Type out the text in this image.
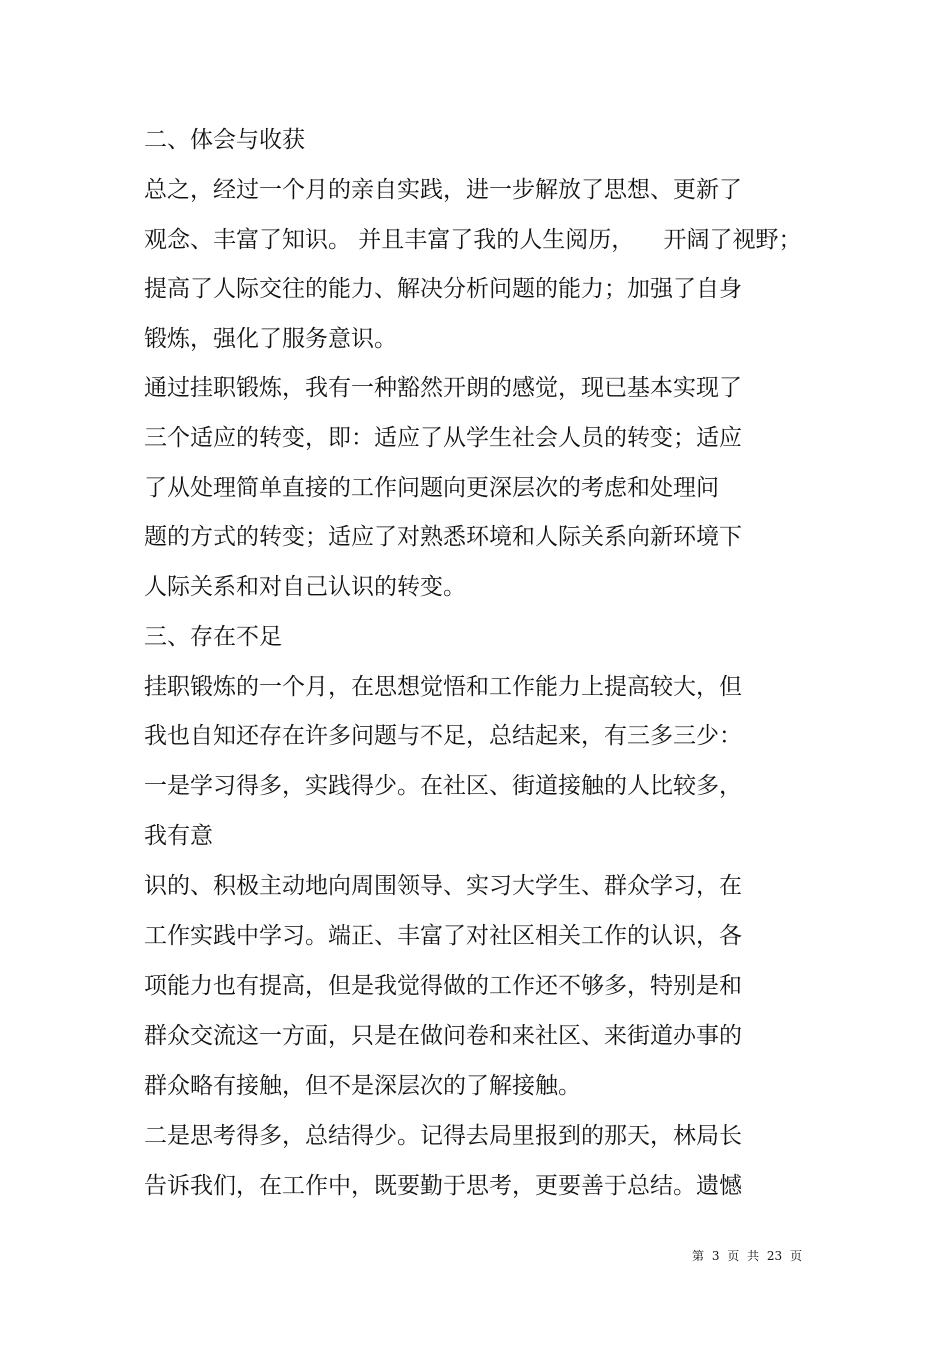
二、体会与收获
总之，经过一个月的亲自实践，进一步解放了思想、更新了
观念、丰富了知识。 并且丰富了我的人生阅历，    开阔了视野；
提高了人际交往的能力、解决分析问题的能力；加强了自身
锻炼，强化了服务意识。
通过挂职锻炼，我有一种豁然开朗的感觉，现已基本实现了
三个适应的转变，即：适应了从学生社会人员的转变；适应
了从处理简单直接的工作问题向更深层次的考虑和处理问
题的方式的转变；适应了对熟悉环境和人际关系向新环境下
人际关系和对自己认识的转变。
三、存在不足
挂职锻炼的一个月，在思想觉悟和工作能力上提高较大，但
我也自知还存在许多问题与不足，总结起来，有三多三少：
一是学习得多，实践得少。在社区、街道接触的人比较多，
我有意
识的、积极主动地向周围领导、实习大学生、群众学习，在
工作实践中学习。端正、丰富了对社区相关工作的认识，各
项能力也有提高，但是我觉得做的工作还不够多，特别是和
群众交流这一方面，只是在做问卷和来社区、来街道办事的
群众略有接触，但不是深层次的了解接触。
二是思考得多，总结得少。记得去局里报到的那天，林局长
告诉我们，在工作中，既要勤于思考，更要善于总结。遗憾
第 3 页 共 23 页
